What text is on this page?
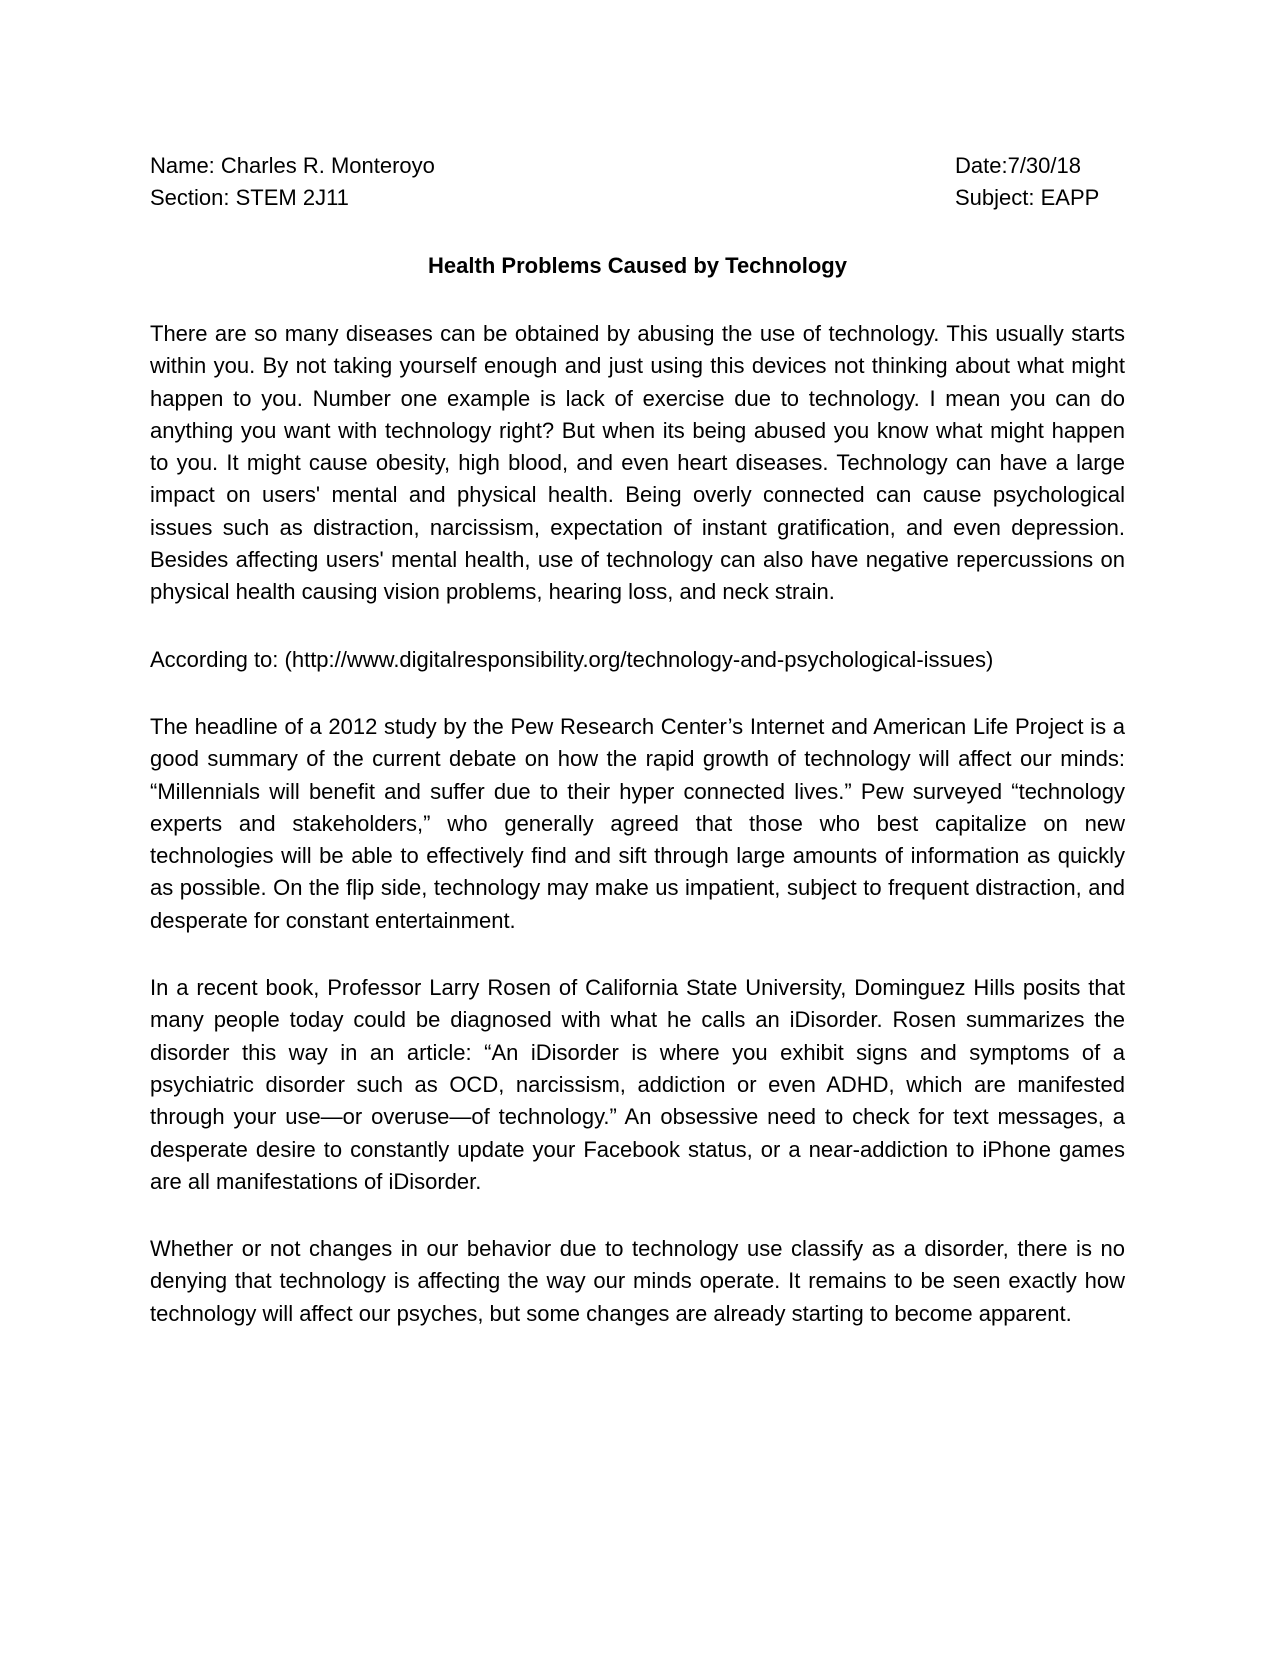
Name: Charles R. Monteroyo
Section: STEM 2J11
Date:7/30/18
Subject: EAPP
Health Problems Caused by Technology

There are so many diseases can be obtained by abusing the use of technology. This usually starts within you. By not taking yourself enough and just using this devices not thinking about what might happen to you. Number one example is lack of exercise due to technology. I mean you can do anything you want with technology right? But when its being abused you know what might happen to you. It might cause obesity, high blood, and even heart diseases. Technology can have a large impact on users' mental and physical health. Being overly connected can cause psychological issues such as distraction, narcissism, expectation of instant gratification, and even depression. Besides affecting users' mental health, use of technology can also have negative repercussions on physical health causing vision problems, hearing loss, and neck strain.

According to: (http://www.digitalresponsibility.org/technology-and-psychological-issues)

The headline of a 2012 study by the Pew Research Center’s Internet and American Life Project is a good summary of the current debate on how the rapid growth of technology will affect our minds: “Millennials will benefit and suffer due to their hyper connected lives.” Pew surveyed “technology experts and stakeholders,” who generally agreed that those who best capitalize on new technologies will be able to effectively find and sift through large amounts of information as quickly as possible. On the flip side, technology may make us impatient, subject to frequent distraction, and desperate for constant entertainment.

In a recent book, Professor Larry Rosen of California State University, Dominguez Hills posits that many people today could be diagnosed with what he calls an iDisorder. Rosen summarizes the disorder this way in an article: “An iDisorder is where you exhibit signs and symptoms of a psychiatric disorder such as OCD, narcissism, addiction or even ADHD, which are manifested through your use—or overuse—of technology.” An obsessive need to check for text messages, a desperate desire to constantly update your Facebook status, or a near-addiction to iPhone games are all manifestations of iDisorder.

Whether or not changes in our behavior due to technology use classify as a disorder, there is no denying that technology is affecting the way our minds operate. It remains to be seen exactly how technology will affect our psyches, but some changes are already starting to become apparent.
